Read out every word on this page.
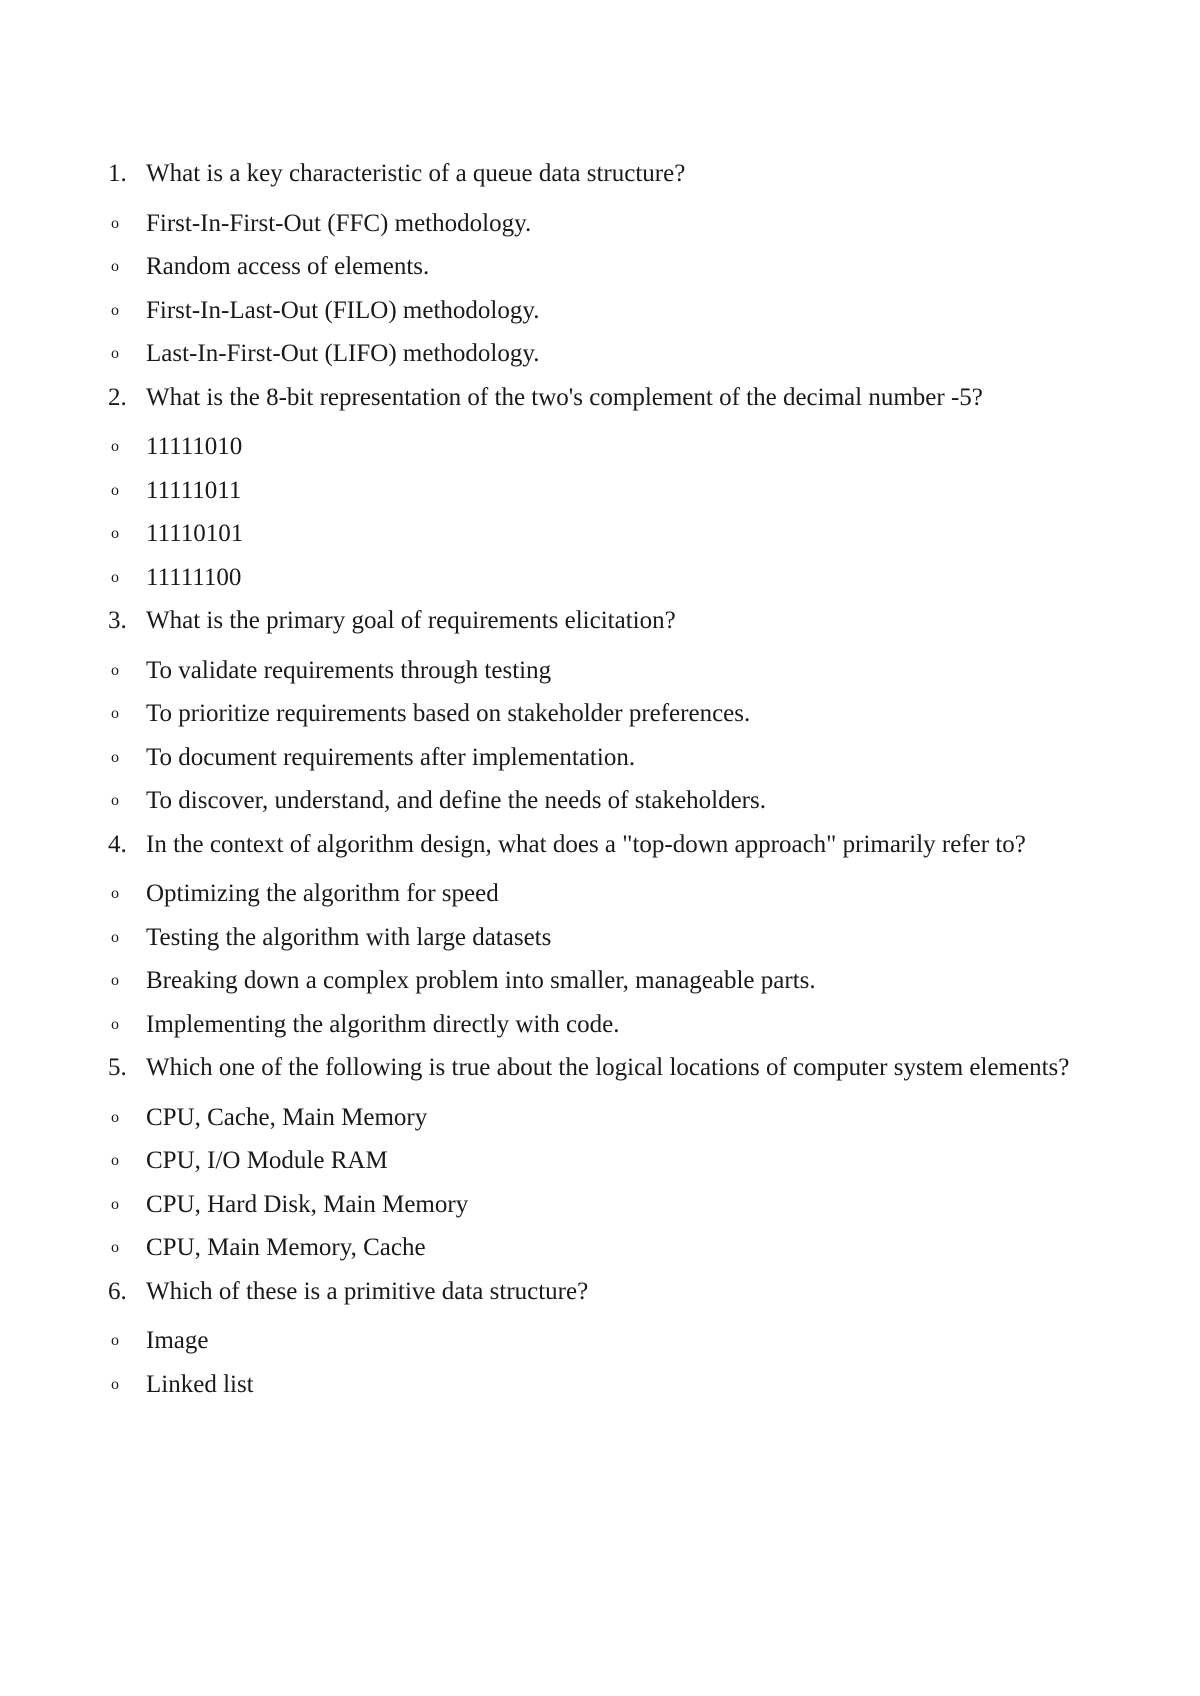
1. What is a key characteristic of a queue data structure?
o First-In-First-Out (FFC) methodology.
o Random access of elements.
o First-In-Last-Out (FILO) methodology.
o Last-In-First-Out (LIFO) methodology.
2. What is the 8-bit representation of the two's complement of the decimal number -5?
o 11111010
o 11111011
o 11110101
o 11111100
3. What is the primary goal of requirements elicitation?
o To validate requirements through testing
o To prioritize requirements based on stakeholder preferences.
o To document requirements after implementation.
o To discover, understand, and define the needs of stakeholders.
4. In the context of algorithm design, what does a "top-down approach" primarily refer to?
o Optimizing the algorithm for speed
o Testing the algorithm with large datasets
o Breaking down a complex problem into smaller, manageable parts.
o Implementing the algorithm directly with code.
5. Which one of the following is true about the logical locations of computer system elements?
o CPU, Cache, Main Memory
o CPU, I/O Module RAM
o CPU, Hard Disk, Main Memory
o CPU, Main Memory, Cache
6. Which of these is a primitive data structure?
o Image
o Linked list
